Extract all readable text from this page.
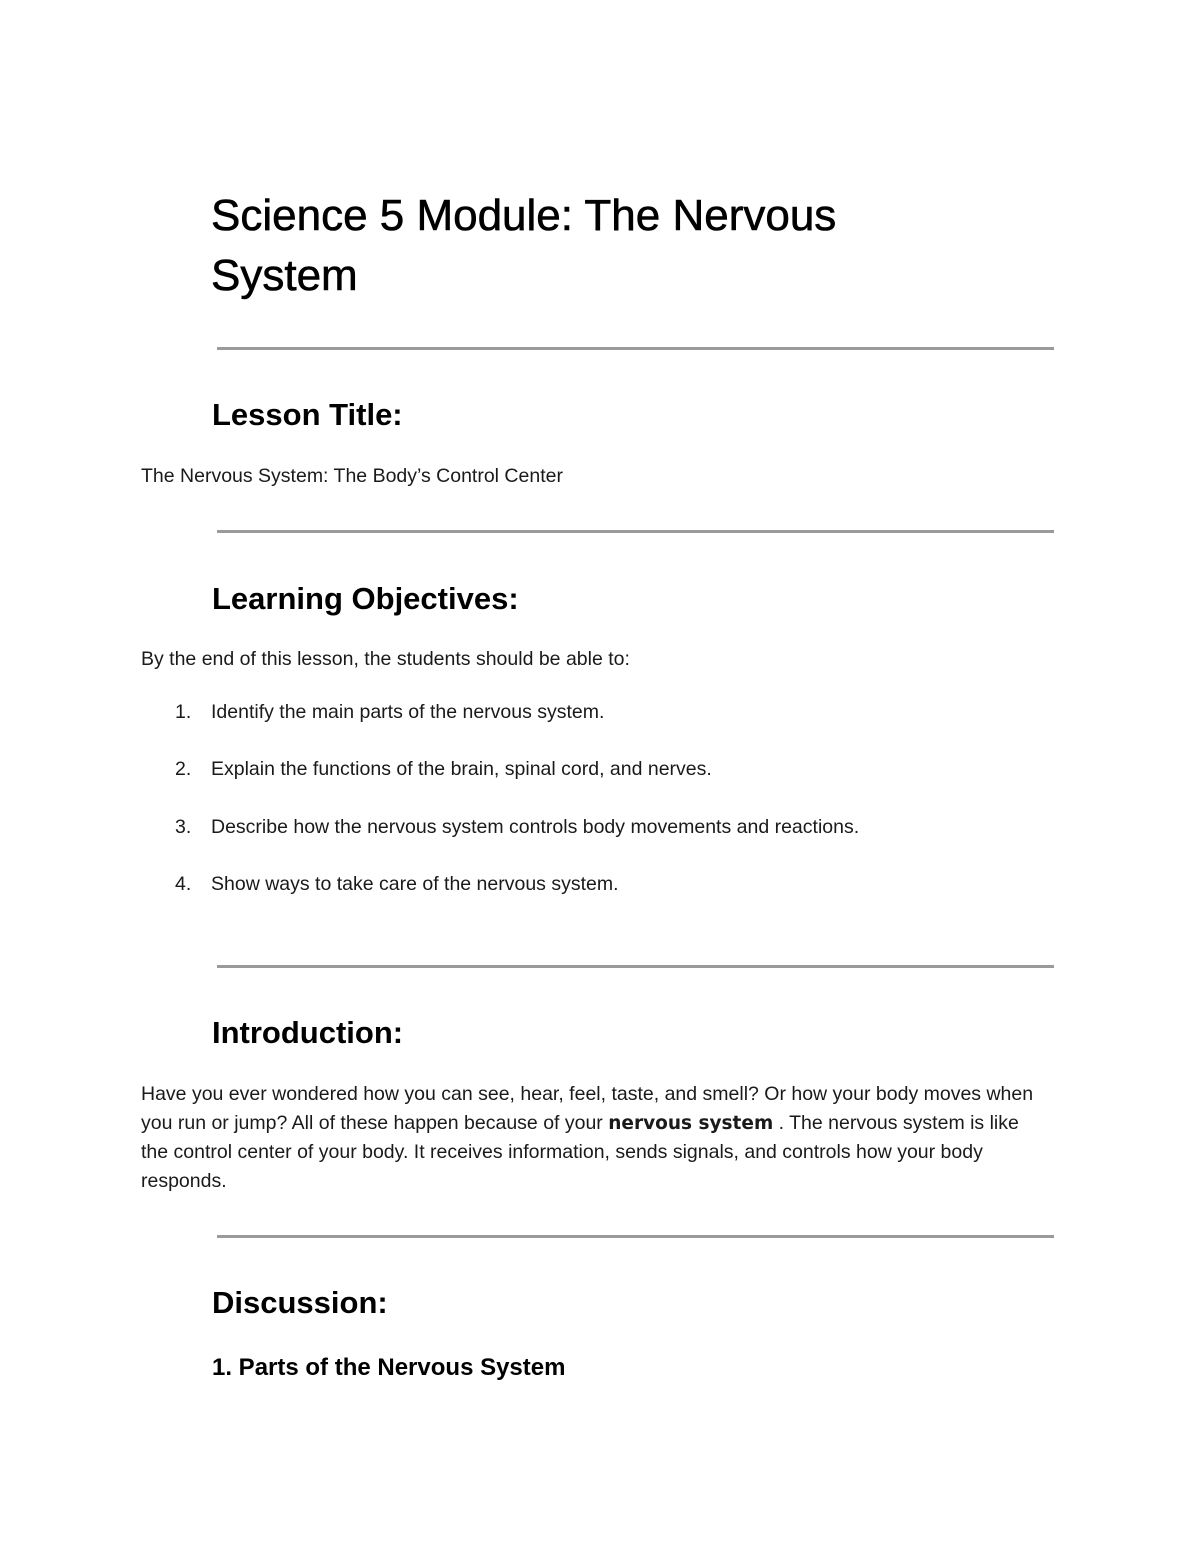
Science 5 Module: The Nervous System
Lesson Title:

The Nervous System: The Body’s Control Center

Learning Objectives:

By the end of this lesson, the students should be able to:

1. Identify the main parts of the nervous system.
2. Explain the functions of the brain, spinal cord, and nerves.
3. Describe how the nervous system controls body movements and reactions.
4. Show ways to take care of the nervous system.
Introduction:

Have you ever wondered how you can see, hear, feel, taste, and smell? Or how your body moves when you run or jump? All of these happen because of your nervous system . The nervous system is like the control center of your body. It receives information, sends signals, and controls how your body responds.

Discussion:
1. Parts of the Nervous System
